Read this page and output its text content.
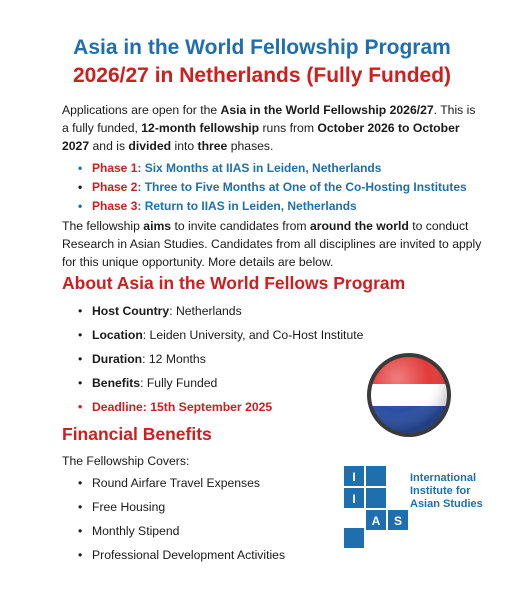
Asia in the World Fellowship Program
2026/27 in Netherlands (Fully Funded)
Applications are open for the Asia in the World Fellowship 2026/27. This is a fully funded, 12-month fellowship runs from October 2026 to October 2027 and is divided into three phases.
• Phase 1: Six Months at IIAS in Leiden, Netherlands
• Phase 2: Three to Five Months at One of the Co-Hosting Institutes
• Phase 3: Return to IIAS in Leiden, Netherlands
The fellowship aims to invite candidates from around the world to conduct Research in Asian Studies. Candidates from all disciplines are invited to apply for this unique opportunity. More details are below.
About Asia in the World Fellows Program
• Host Country: Netherlands
• Location: Leiden University, and Co-Host Institute
• Duration: 12 Months
• Benefits: Fully Funded
• Deadline: 15th September 2025
Financial Benefits
The Fellowship Covers:
• Round Airfare Travel Expenses
• Free Housing
• Monthly Stipend
• Professional Development Activities
I
I
A S
International
Institute for
Asian Studies
